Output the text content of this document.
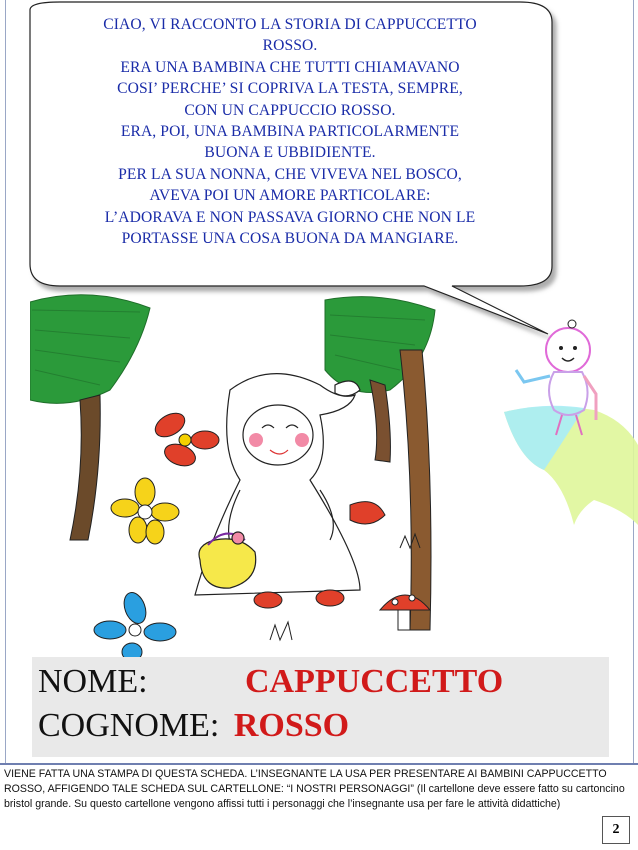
CIAO, VI RACCONTO LA STORIA DI CAPPUCCETTO
ROSSO.
ERA UNA BAMBINA CHE TUTTI CHIAMAVANO
COSI’ PERCHE’ SI COPRIVA LA TESTA, SEMPRE,
CON UN CAPPUCCIO ROSSO.
ERA, POI, UNA BAMBINA PARTICOLARMENTE
BUONA E UBBIDIENTE.
PER LA SUA NONNA, CHE VIVEVA NEL BOSCO,
AVEVA POI UN AMORE PARTICOLARE:
L’ADORAVA E NON PASSAVA GIORNO CHE NON LE
PORTASSE UNA COSA BUONA DA MANGIARE.
NOME:	CAPPUCCETTO
COGNOME: ROSSO
VIENE FATTA UNA STAMPA DI QUESTA SCHEDA. L’INSEGNANTE LA USA PER PRESENTARE AI BAMBINI CAPPUCCETTO ROSSO, AFFIGENDO TALE SCHEDA SUL CARTELLONE: “I NOSTRI PERSONAGGI” (Il cartellone deve essere fatto su cartoncino bristol grande. Su questo cartellone vengono affissi tutti i personaggi che l’insegnante usa per fare le attività didattiche)
2
